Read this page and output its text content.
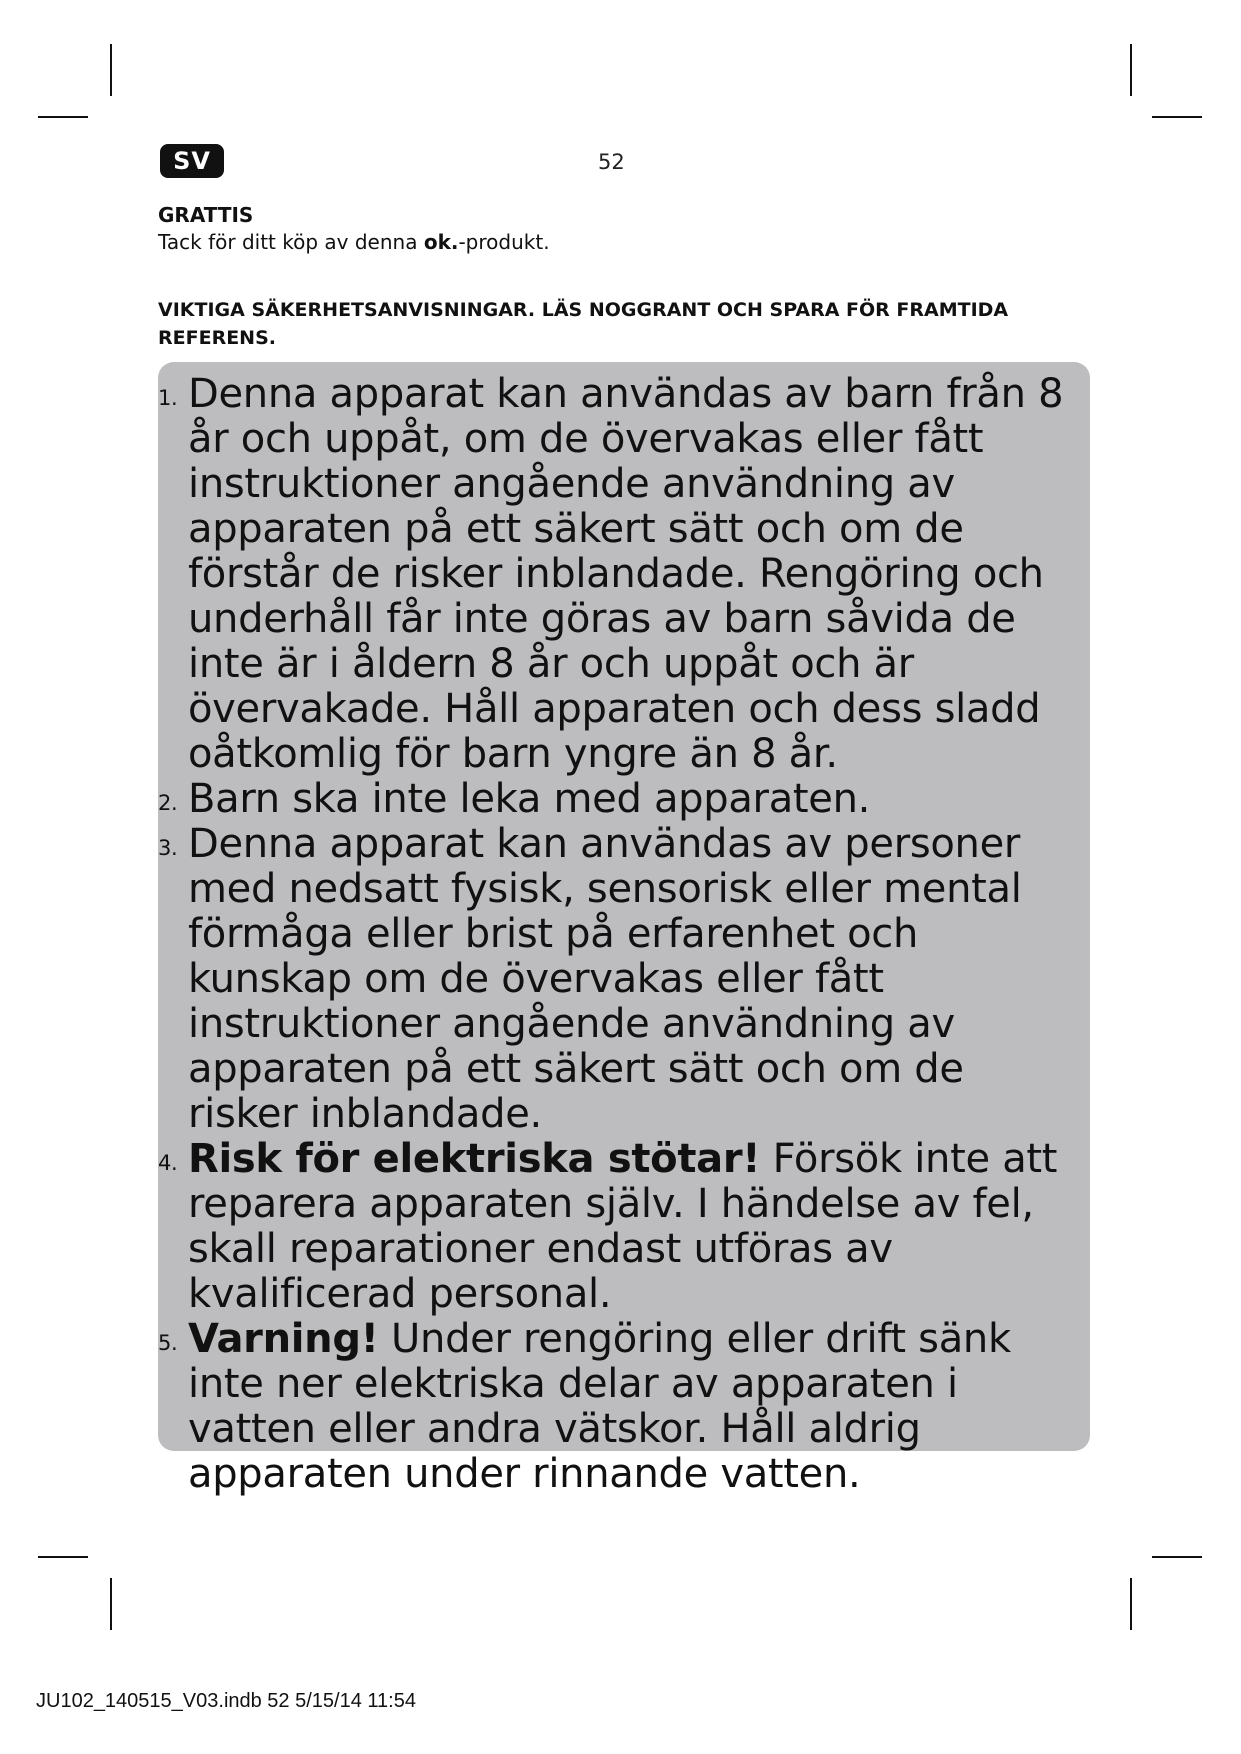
SV	52
GRATTIS
Tack för ditt köp av denna ok.-produkt.
VIKTIGA SÄKERHETSANVISNINGAR. LÄS NOGGRANT OCH SPARA FÖR FRAMTIDA REFERENS.
1. Denna apparat kan användas av barn från 8 år och uppåt, om de övervakas eller fått instruktioner angående användning av apparaten på ett säkert sätt och om de förstår de risker inblandade. Rengöring och underhåll får inte göras av barn såvida de inte är i åldern 8 år och uppåt och är övervakade. Håll apparaten och dess sladd oåtkomlig för barn yngre än 8 år.
2. Barn ska inte leka med apparaten.
3. Denna apparat kan användas av personer med nedsatt fysisk, sensorisk eller mental förmåga eller brist på erfarenhet och kunskap om de övervakas eller fått instruktioner angående användning av apparaten på ett säkert sätt och om de risker inblandade.
4. Risk för elektriska stötar! Försök inte att reparera apparaten själv. I händelse av fel, skall reparationer endast utföras av kvalificerad personal.
5. Varning! Under rengöring eller drift sänk inte ner elektriska delar av apparaten i vatten eller andra vätskor. Håll aldrig apparaten under rinnande vatten.
JU102_140515_V03.indb 52 5/15/14 11:54
